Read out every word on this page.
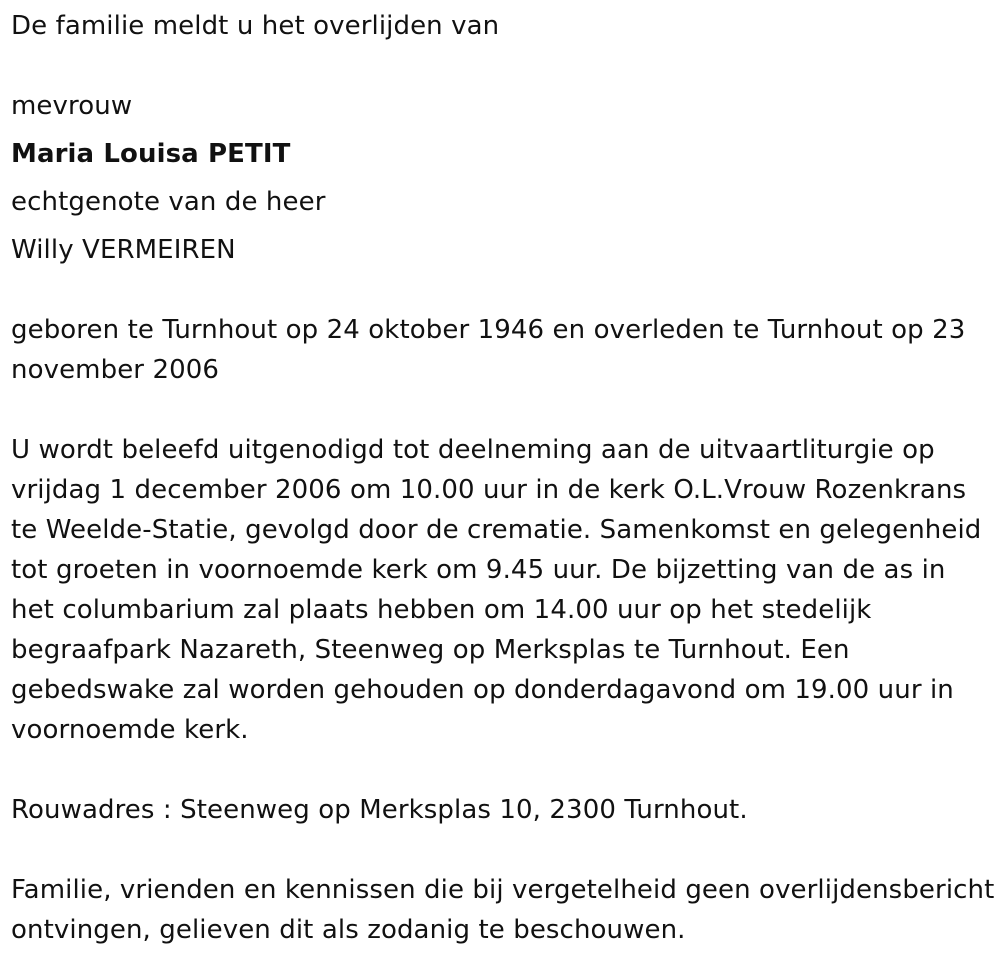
De familie meldt u het overlijden van
mevrouw
Maria Louisa PETIT
echtgenote van de heer
Willy VERMEIREN
geboren te Turnhout op 24 oktober 1946 en overleden te Turnhout op 23 november 2006
U wordt beleefd uitgenodigd tot deelneming aan de uitvaartliturgie op vrijdag 1 december 2006 om 10.00 uur in de kerk O.L.Vrouw Rozenkrans te Weelde-Statie, gevolgd door de crematie. Samenkomst en gelegenheid tot groeten in voornoemde kerk om 9.45 uur. De bijzetting van de as in het columbarium zal plaats hebben om 14.00 uur op het stedelijk begraafpark Nazareth, Steenweg op Merksplas te Turnhout. Een gebedswake zal worden gehouden op donderdagavond om 19.00 uur in voornoemde kerk.
Rouwadres : Steenweg op Merksplas 10, 2300 Turnhout.
Familie, vrienden en kennissen die bij vergetelheid geen overlijdensbericht ontvingen, gelieven dit als zodanig te beschouwen.
